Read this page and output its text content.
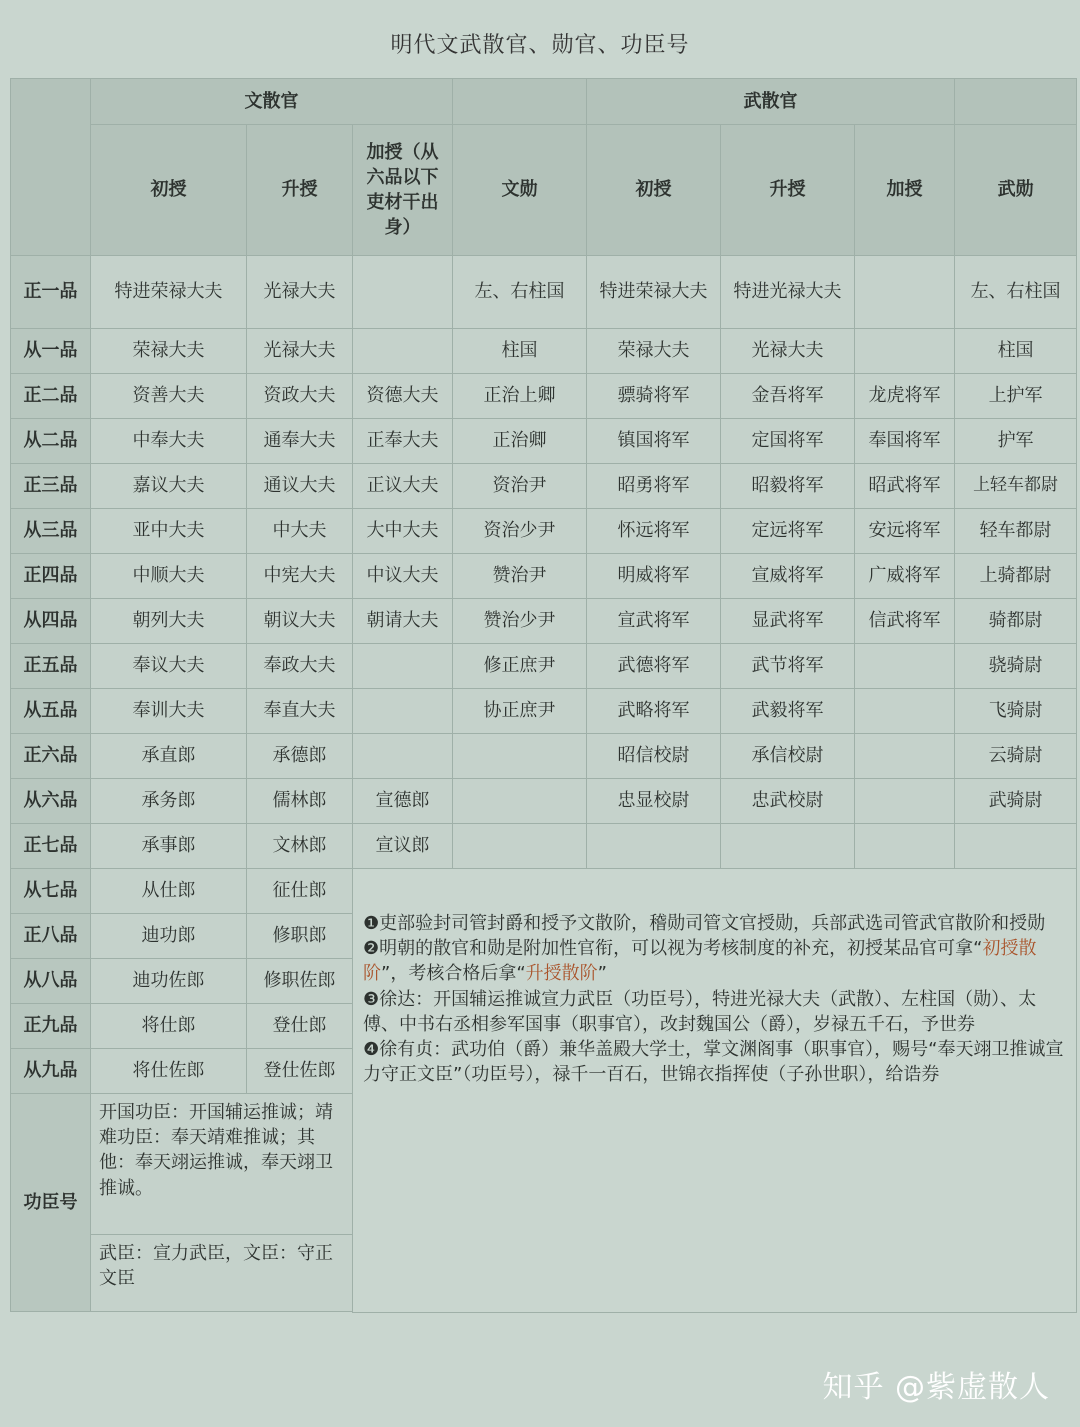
明代文武散官、勋官、功臣号
	文散官				武散官			
	初授	升授	加授（从六品以下吏材干出身）	文勋	初授	升授	加授	武勋
正一品	特进荣禄大夫	光禄大夫		左、右柱国	特进荣禄大夫	特进光禄大夫		左、右柱国
从一品	荣禄大夫	光禄大夫		柱国	荣禄大夫	光禄大夫		柱国
正二品	资善大夫	资政大夫	资德大夫	正治上卿	骠骑将军	金吾将军	龙虎将军	上护军
从二品	中奉大夫	通奉大夫	正奉大夫	正治卿	镇国将军	定国将军	奉国将军	护军
正三品	嘉议大夫	通议大夫	正议大夫	资治尹	昭勇将军	昭毅将军	昭武将军	上轻车都尉
从三品	亚中大夫	中大夫	大中大夫	资治少尹	怀远将军	定远将军	安远将军	轻车都尉
正四品	中顺大夫	中宪大夫	中议大夫	赞治尹	明威将军	宣威将军	广威将军	上骑都尉
从四品	朝列大夫	朝议大夫	朝请大夫	赞治少尹	宣武将军	显武将军	信武将军	骑都尉
正五品	奉议大夫	奉政大夫		修正庶尹	武德将军	武节将军		骁骑尉
从五品	奉训大夫	奉直大夫		协正庶尹	武略将军	武毅将军		飞骑尉
正六品	承直郎	承德郎			昭信校尉	承信校尉		云骑尉
从六品	承务郎	儒林郎	宣德郎		忠显校尉	忠武校尉		武骑尉
正七品	承事郎	文林郎	宣议郎					
从七品	从仕郎	征仕郎	❶吏部验封司管封爵和授予文散阶，稽勋司管文官授勋，兵部武选司管武官散阶和授勋
❷明朝的散官和勋是附加性官衔，可以视为考核制度的补充，初授某品官可拿“初授散阶”，考核合格后拿“升授散阶”
❸徐达：开国辅运推诚宣力武臣（功臣号），特进光禄大夫（武散）、左柱国（勋）、太傅、中书右丞相参军国事（职事官），改封魏国公（爵），岁禄五千石，予世券
❹徐有贞：武功伯（爵）兼华盖殿大学士，掌文渊阁事（职事官），赐号“奉天翊卫推诚宣力守正文臣”（功臣号），禄千一百石，世锦衣指挥使（子孙世职），给诰券					

正八品	迪功郎	修职郎						
从八品	迪功佐郎	修职佐郎						
正九品	将仕郎	登仕郎						
从九品	将仕佐郎	登仕佐郎						
功臣号	开国功臣：开国辅运推诚；靖难功臣：奉天靖难推诚；其他：奉天翊运推诚，奉天翊卫推诚。							
	武臣：宣力武臣，文臣：守正文臣							

知乎 @紫虚散人
